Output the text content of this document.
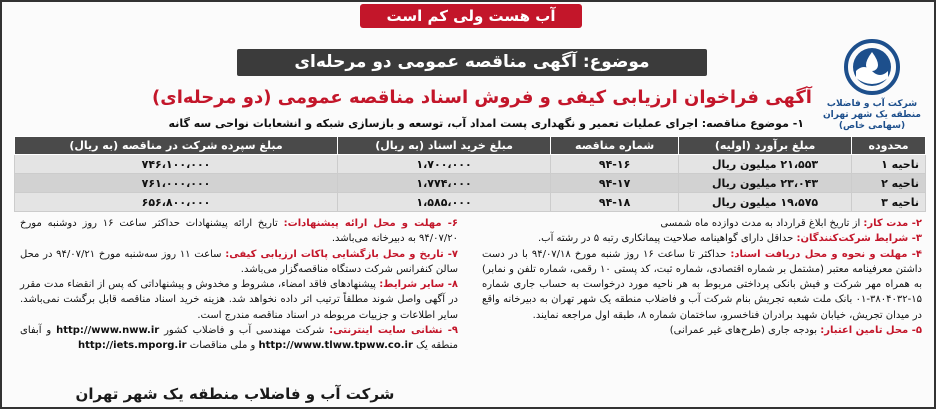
آب هست ولی کم است
شرکت آب و فاضلاب منطقه یک شهر تهران (سهامی خاص)
موضوع: آگهی مناقصه عمومی دو مرحله‌ای
آگهی فراخوان ارزیابی کیفی و فروش اسناد مناقصه عمومی (دو مرحله‌ای)
۱- موضوع مناقصه: اجرای عملیات تعمیر و نگهداری پست امداد آب، توسعه و بازسازی شبکه و انشعابات نواحی سه گانه
محدوده	مبلغ برآورد (اولیه)	شماره مناقصه	مبلغ خرید اسناد (به ریال)	مبلغ سپرده شرکت در مناقصه (به ریال)
ناحیه ۱	۲۱،۵۵۳ میلیون ریال	۹۴-۱۶	۱،۷۰۰،۰۰۰	۷۴۶،۱۰۰،۰۰۰
ناحیه ۲	۲۳،۰۴۳ میلیون ریال	۹۴-۱۷	۱،۷۷۴،۰۰۰	۷۶۱،۰۰۰،۰۰۰
ناحیه ۳	۱۹،۵۷۵ میلیون ریال	۹۴-۱۸	۱،۵۸۵،۰۰۰	۶۵۶،۸۰۰،۰۰۰
۲- مدت کار: از تاریخ ابلاغ قرارداد به مدت دوازده ماه شمسی
۳- شرایط شرکت‌کنندگان: حداقل دارای گواهینامه صلاحیت پیمانکاری رتبه ۵ در رشته آب.
۴- مهلت و نحوه و محل دریافت اسناد: حداکثر تا ساعت ۱۶ روز شنبه مورخ ۹۴/۰۷/۱۸ با در دست داشتن معرفینامه معتبر (مشتمل بر شماره اقتصادی، شماره ثبت، کد پستی ۱۰ رقمی، شماره تلفن و نمابر) به همراه مهر شرکت و فیش بانکی پرداختی مربوط به هر ناحیه مورد درخواست به حساب جاری شماره ۱۵-۳۸۰۴۰۳۲-۰۱ بانک ملت شعبه تجریش بنام شرکت آب و فاضلاب منطقه یک شهر تهران به دبیرخانه واقع در میدان تجریش، خیابان شهید برادران فناخسرو، ساختمان شماره ۸، طبقه اول مراجعه نمایند.
۵- محل تامین اعتبار: بودجه جاری (طرح‌های غیر عمرانی)
۶- مهلت و محل ارائه پیشنهادات: تاریخ ارائه پیشنهادات حداکثر ساعت ۱۶ روز دوشنبه مورخ ۹۴/۰۷/۲۰ به دبیرخانه می‌باشد.
۷- تاریخ و محل بازگشایی پاکات ارزیابی کیفی: ساعت ۱۱ روز سه‌شنبه مورخ ۹۴/۰۷/۲۱ در محل سالن کنفرانس شرکت دستگاه مناقصه‌گزار می‌باشد.
۸- سایر شرایط: پیشنهادهای فاقد امضاء، مشروط و مخدوش و پیشنهاداتی که پس از انقضاء مدت مقرر در آگهی واصل شوند مطلقاً ترتیب اثر داده نخواهد شد. هزینه خرید اسناد مناقصه قابل برگشت نمی‌باشد. سایر اطلاعات و جزییات مربوطه در اسناد مناقصه مندرج است.
۹- نشانی سایت اینترنتی: شرکت مهندسی آب و فاضلاب کشور http://www.nww.ir و آبفای منطقه یک http://www.tlww.tpww.co.ir و ملی مناقصات http://iets.mporg.ir
شرکت آب و فاضلاب منطقه یک شهر تهران
